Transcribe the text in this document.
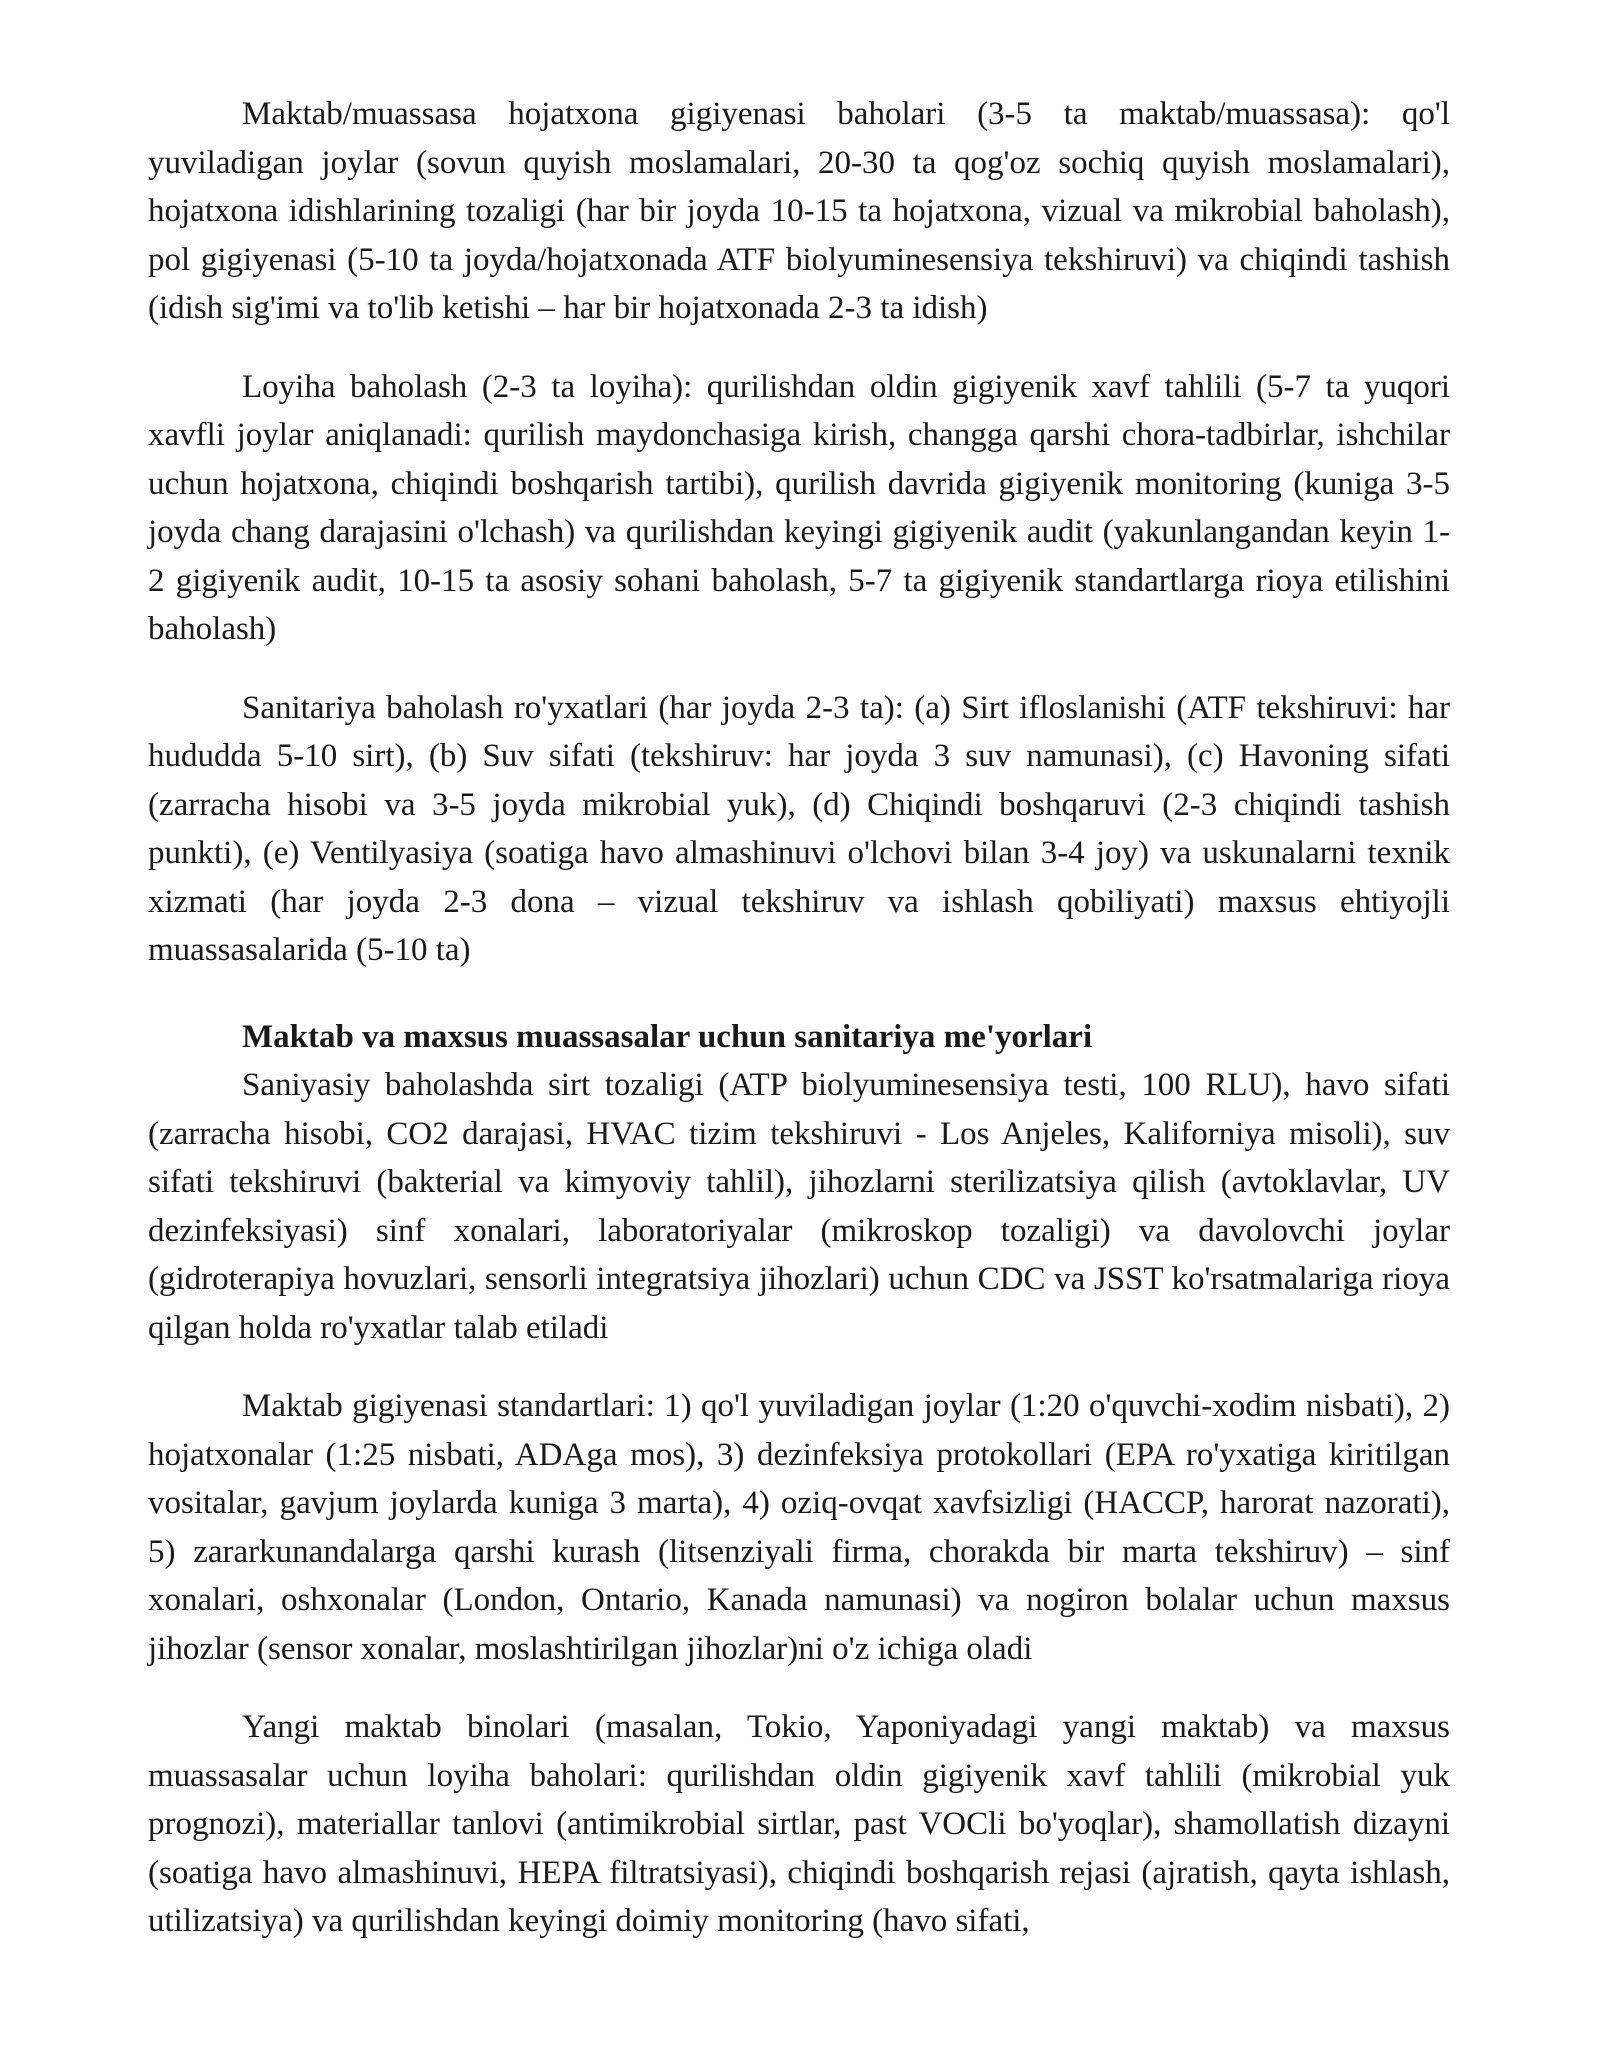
Maktab/muassasa hojatxona gigiyenasi baholari (3-5 ta maktab/muassasa): qo'l yuviladigan joylar (sovun quyish moslamalari, 20-30 ta qog'oz sochiq quyish moslamalari), hojatxona idishlarining tozaligi (har bir joyda 10-15 ta hojatxona, vizual va mikrobial baholash), pol gigiyenasi (5-10 ta joyda/hojatxonada ATF biolyuminesensiya tekshiruvi) va chiqindi tashish (idish sig'imi va to'lib ketishi – har bir hojatxonada 2-3 ta idish)

Loyiha baholash (2-3 ta loyiha): qurilishdan oldin gigiyenik xavf tahlili (5-7 ta yuqori xavfli joylar aniqlanadi: qurilish maydonchasiga kirish, changga qarshi chora-tadbirlar, ishchilar uchun hojatxona, chiqindi boshqarish tartibi), qurilish davrida gigiyenik monitoring (kuniga 3-5 joyda chang darajasini o'lchash) va qurilishdan keyingi gigiyenik audit (yakunlangandan keyin 1-2 gigiyenik audit, 10-15 ta asosiy sohani baholash, 5-7 ta gigiyenik standartlarga rioya etilishini baholash)

Sanitariya baholash ro'yxatlari (har joyda 2-3 ta): (a) Sirt ifloslanishi (ATF tekshiruvi: har hududda 5-10 sirt), (b) Suv sifati (tekshiruv: har joyda 3 suv namunasi), (c) Havoning sifati (zarracha hisobi va 3-5 joyda mikrobial yuk), (d) Chiqindi boshqaruvi (2-3 chiqindi tashish punkti), (e) Ventilyasiya (soatiga havo almashinuvi o'lchovi bilan 3-4 joy) va uskunalarni texnik xizmati (har joyda 2-3 dona – vizual tekshiruv va ishlash qobiliyati) maxsus ehtiyojli muassasalarida (5-10 ta)

Maktab va maxsus muassasalar uchun sanitariya me'yorlari

Saniyasiy baholashda sirt tozaligi (ATP biolyuminesensiya testi, 100 RLU), havo sifati (zarracha hisobi, CO2 darajasi, HVAC tizim tekshiruvi - Los Anjeles, Kaliforniya misoli), suv sifati tekshiruvi (bakterial va kimyoviy tahlil), jihozlarni sterilizatsiya qilish (avtoklavlar, UV dezinfeksiyasi) sinf xonalari, laboratoriyalar (mikroskop tozaligi) va davolovchi joylar (gidroterapiya hovuzlari, sensorli integratsiya jihozlari) uchun CDC va JSST ko'rsatmalariga rioya qilgan holda ro'yxatlar talab etiladi

Maktab gigiyenasi standartlari: 1) qo'l yuviladigan joylar (1:20 o'quvchi-xodim nisbati), 2) hojatxonalar (1:25 nisbati, ADAga mos), 3) dezinfeksiya protokollari (EPA ro'yxatiga kiritilgan vositalar, gavjum joylarda kuniga 3 marta), 4) oziq-ovqat xavfsizligi (HACCP, harorat nazorati), 5) zararkunandalarga qarshi kurash (litsenziyali firma, chorakda bir marta tekshiruv) – sinf xonalari, oshxonalar (London, Ontario, Kanada namunasi) va nogiron bolalar uchun maxsus jihozlar (sensor xonalar, moslashtirilgan jihozlar)ni o'z ichiga oladi

Yangi maktab binolari (masalan, Tokio, Yaponiyadagi yangi maktab) va maxsus muassasalar uchun loyiha baholari: qurilishdan oldin gigiyenik xavf tahlili (mikrobial yuk prognozi), materiallar tanlovi (antimikrobial sirtlar, past VOCli bo'yoqlar), shamollatish dizayni (soatiga havo almashinuvi, HEPA filtratsiyasi), chiqindi boshqarish rejasi (ajratish, qayta ishlash, utilizatsiya) va qurilishdan keyingi doimiy monitoring (havo sifati,
